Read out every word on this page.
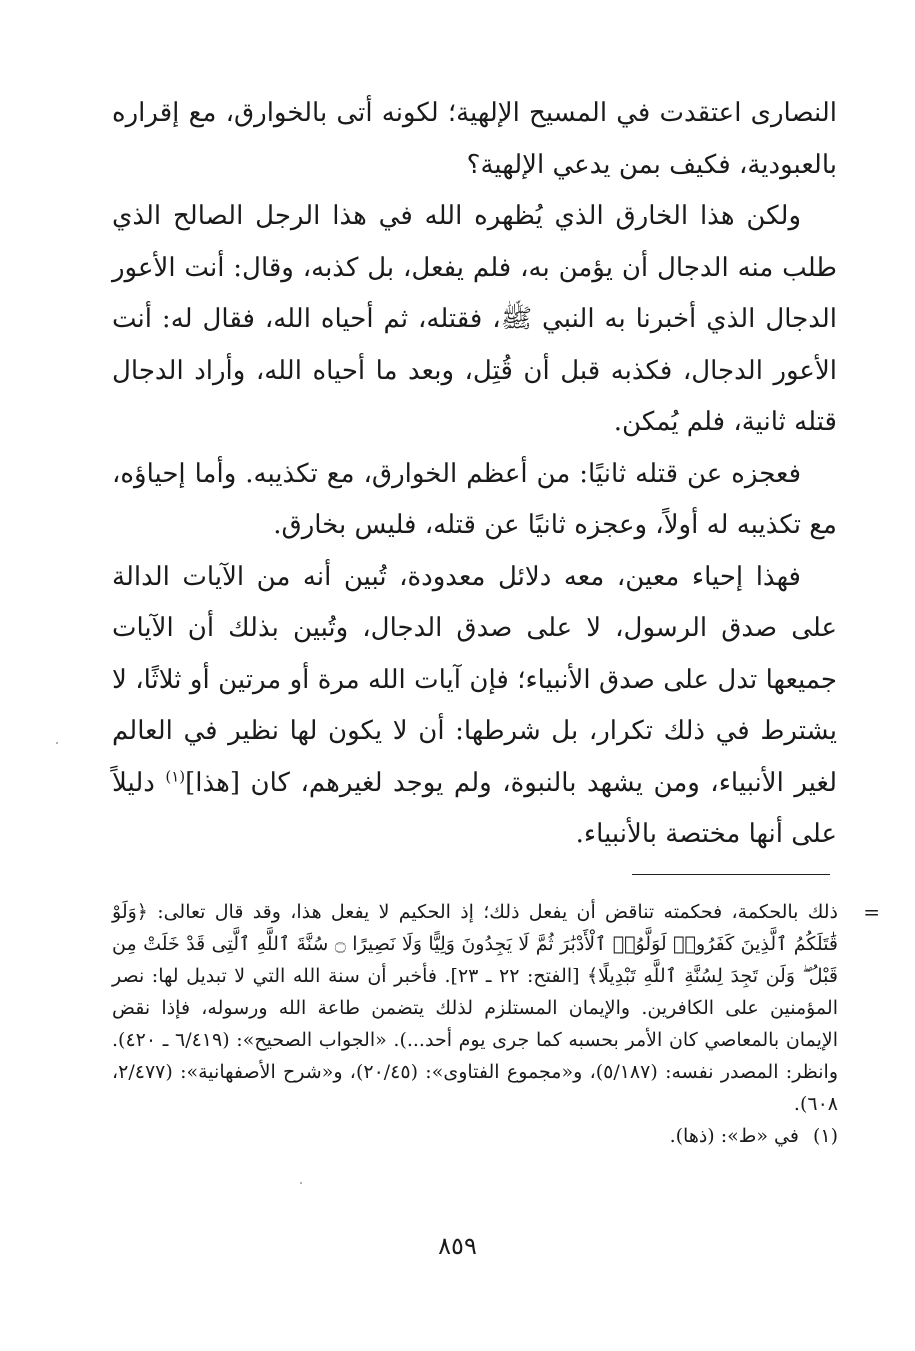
النصارى اعتقدت في المسيح الإلهية؛ لكونه أتى بالخوارق، مع إقراره بالعبودية، فكيف بمن يدعي الإلهية؟

ولكن هذا الخارق الذي يُظهره الله في هذا الرجل الصالح الذي طلب منه الدجال أن يؤمن به، فلم يفعل، بل كذبه، وقال: أنت الأعور الدجال الذي أخبرنا به النبي ﷺ، فقتله، ثم أحياه الله، فقال له: أنت الأعور الدجال، فكذبه قبل أن قُتِل، وبعد ما أحياه الله، وأراد الدجال قتله ثانية، فلم يُمكن.

فعجزه عن قتله ثانيًا: من أعظم الخوارق، مع تكذيبه. وأما إحياؤه، مع تكذيبه له أولاً، وعجزه ثانيًا عن قتله، فليس بخارق.

فهذا إحياء معين، معه دلائل معدودة، تُبين أنه من الآيات الدالة على صدق الرسول، لا على صدق الدجال، وتُبين بذلك أن الآيات جميعها تدل على صدق الأنبياء؛ فإن آيات الله مرة أو مرتين أو ثلاثًا، لا يشترط في ذلك تكرار، بل شرطها: أن لا يكون لها نظير في العالم لغير الأنبياء، ومن يشهد بالنبوة، ولم يوجد لغيرهم، كان [هذا]$^{(١)}$ دليلاً على أنها مختصة بالأنبياء.

=
ذلك بالحكمة، فحكمته تناقض أن يفعل ذلك؛ إذ الحكيم لا يفعل هذا، وقد قال تعالى: ﴿وَلَوْ قَٰتَلَكُمُ ٱلَّذِينَ كَفَرُوا۟ لَوَلَّوُا۟ ٱلْأَدْبَٰرَ ثُمَّ لَا يَجِدُونَ وَلِيًّا وَلَا نَصِيرًا ۝ سُنَّةَ ٱللَّهِ ٱلَّتِى قَدْ خَلَتْ مِن قَبْلُ ۖ وَلَن تَجِدَ لِسُنَّةِ ٱللَّهِ تَبْدِيلًا﴾ [الفتح: ٢٢ ـ ٢٣]. فأخبر أن سنة الله التي لا تبديل لها: نصر المؤمنين على الكافرين. والإيمان المستلزم لذلك يتضمن طاعة الله ورسوله، فإذا نقض الإيمان بالمعاصي كان الأمر بحسبه كما جرى يوم أحد...). «الجواب الصحيح»: (٦/٤١٩ ـ ٤٢٠). وانظر: المصدر نفسه: (٥/١٨٧)، و«مجموع الفتاوى»: (٢٠/٤٥)، و«شرح الأصفهانية»: (٢/٤٧٧، ٦٠٨).

(١)في «ط»: (ذها).

٨٥٩
